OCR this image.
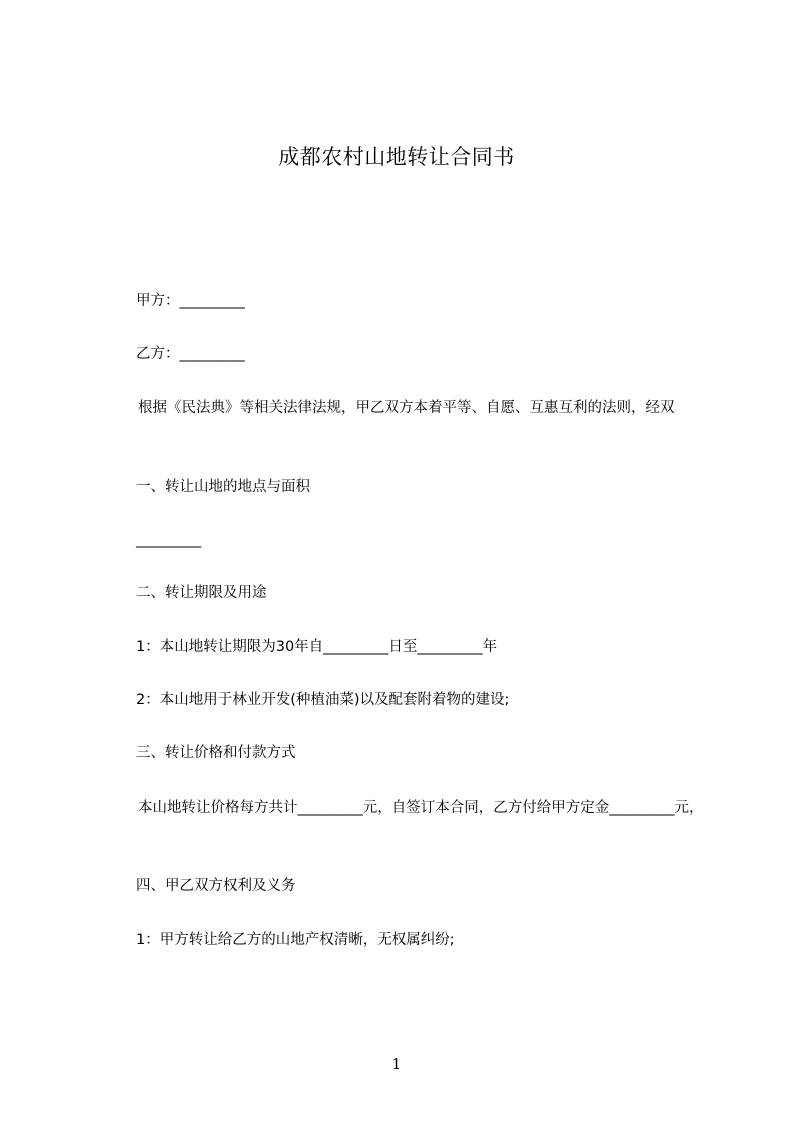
成都农村山地转让合同书
甲方：_________
乙方：_________
根据《民法典》等相关法律法规，甲乙双方本着平等、自愿、互惠互利的法则，经双
一、转让山地的地点与面积
_________
二、转让期限及用途
1：本山地转让期限为30年自_________日至_________年
2：本山地用于林业开发(种植油菜)以及配套附着物的建设;
三、转让价格和付款方式
本山地转让价格每方共计_________元，自签订本合同，乙方付给甲方定金_________元，
四、甲乙双方权利及义务
1：甲方转让给乙方的山地产权清晰，无权属纠纷;
1
